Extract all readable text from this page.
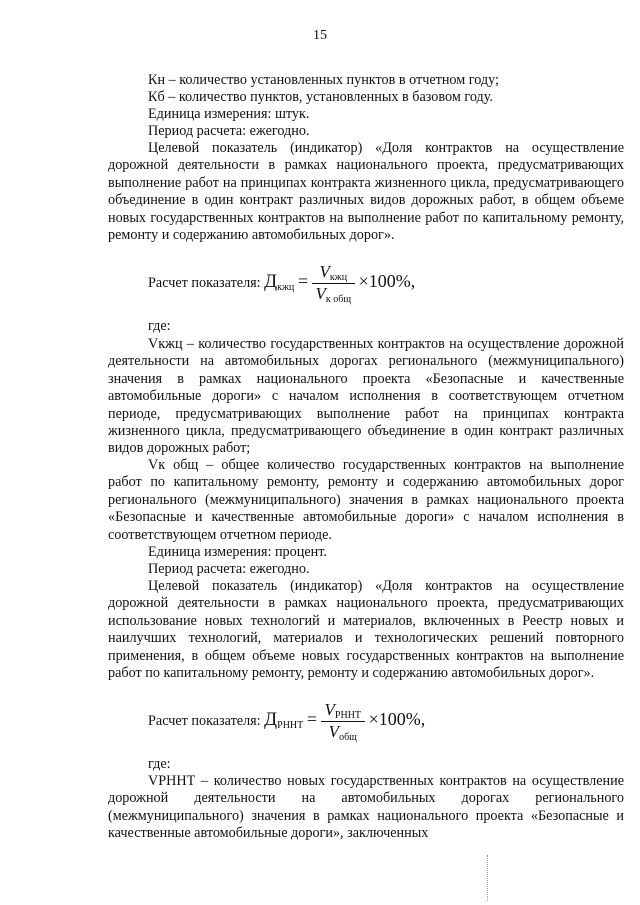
15

Кн – количество установленных пунктов в отчетном году;

Кб – количество пунктов, установленных в базовом году.

Единица измерения: штук.

Период расчета: ежегодно.

Целевой показатель (индикатор) «Доля контрактов на осуществление дорожной деятельности в рамках национального проекта, предусматривающих выполнение работ на принципах контракта жизненного цикла, предусматривающего объединение в один контракт различных видов дорожных работ, в общем объеме новых государственных контрактов на выполнение работ по капитальному ремонту, ремонту и содержанию автомобильных дорог».

Расчет показателя: $Д_{кжц} = \frac{V_{кжц}}{V_{к общ}} \times 100\%$,

где:

Vкжц – количество государственных контрактов на осуществление дорожной деятельности на автомобильных дорогах регионального (межмуниципального) значения в рамках национального проекта «Безопасные и качественные автомобильные дороги» с началом исполнения в соответствующем отчетном периоде, предусматривающих выполнение работ на принципах контракта жизненного цикла, предусматривающего объединение в один контракт различных видов дорожных работ;

Vк общ – общее количество государственных контрактов на выполнение работ по капитальному ремонту, ремонту и содержанию автомобильных дорог регионального (межмуниципального) значения в рамках национального проекта «Безопасные и качественные автомобильные дороги» с началом исполнения в соответствующем отчетном периоде.

Единица измерения: процент.

Период расчета: ежегодно.

Целевой показатель (индикатор) «Доля контрактов на осуществление дорожной деятельности в рамках национального проекта, предусматривающих использование новых технологий и материалов, включенных в Реестр новых и наилучших технологий, материалов и технологических решений повторного применения, в общем объеме новых государственных контрактов на выполнение работ по капитальному ремонту, ремонту и содержанию автомобильных дорог».

Расчет показателя: $Д_{РННТ} = \frac{V_{РННТ}}{V_{общ}} \times 100\%$,

где:

VРННТ – количество новых государственных контрактов на осуществление дорожной деятельности на автомобильных дорогах регионального (межмуниципального) значения в рамках национального проекта «Безопасные и качественные автомобильные дороги», заключенных
